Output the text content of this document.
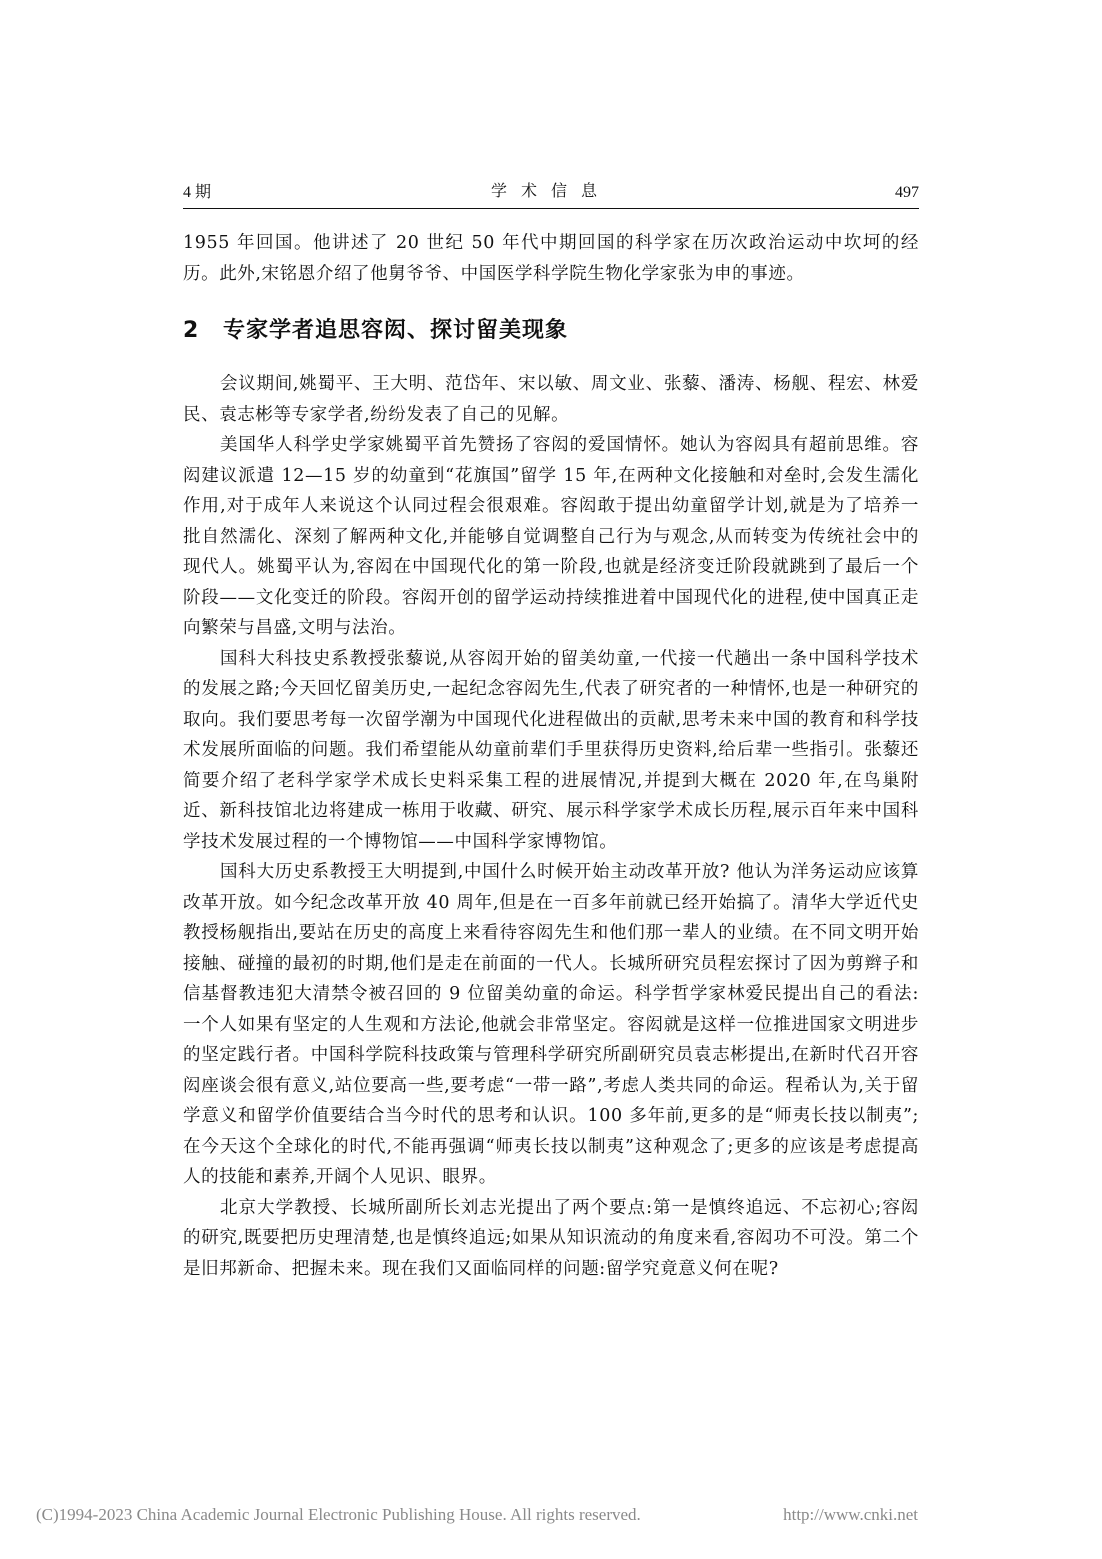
4 期	学术信息	497

1955 年回国。他讲述了 20 世纪 50 年代中期回国的科学家在历次政治运动中坎坷的经历。此外,宋铭恩介绍了他舅爷爷、中国医学科学院生物化学家张为申的事迹。

2 专家学者追思容闳、探讨留美现象

会议期间,姚蜀平、王大明、范岱年、宋以敏、周文业、张藜、潘涛、杨舰、程宏、林爱民、袁志彬等专家学者,纷纷发表了自己的见解。

美国华人科学史学家姚蜀平首先赞扬了容闳的爱国情怀。她认为容闳具有超前思维。容闳建议派遣 12—15 岁的幼童到“花旗国”留学 15 年,在两种文化接触和对垒时,会发生濡化作用,对于成年人来说这个认同过程会很艰难。容闳敢于提出幼童留学计划,就是为了培养一批自然濡化、深刻了解两种文化,并能够自觉调整自己行为与观念,从而转变为传统社会中的现代人。姚蜀平认为,容闳在中国现代化的第一阶段,也就是经济变迁阶段就跳到了最后一个阶段——文化变迁的阶段。容闳开创的留学运动持续推进着中国现代化的进程,使中国真正走向繁荣与昌盛,文明与法治。

国科大科技史系教授张藜说,从容闳开始的留美幼童,一代接一代趟出一条中国科学技术的发展之路;今天回忆留美历史,一起纪念容闳先生,代表了研究者的一种情怀,也是一种研究的取向。我们要思考每一次留学潮为中国现代化进程做出的贡献,思考未来中国的教育和科学技术发展所面临的问题。我们希望能从幼童前辈们手里获得历史资料,给后辈一些指引。张藜还简要介绍了老科学家学术成长史料采集工程的进展情况,并提到大概在 2020 年,在鸟巢附近、新科技馆北边将建成一栋用于收藏、研究、展示科学家学术成长历程,展示百年来中国科学技术发展过程的一个博物馆——中国科学家博物馆。

国科大历史系教授王大明提到,中国什么时候开始主动改革开放? 他认为洋务运动应该算改革开放。如今纪念改革开放 40 周年,但是在一百多年前就已经开始搞了。清华大学近代史教授杨舰指出,要站在历史的高度上来看待容闳先生和他们那一辈人的业绩。在不同文明开始接触、碰撞的最初的时期,他们是走在前面的一代人。长城所研究员程宏探讨了因为剪辫子和信基督教违犯大清禁令被召回的 9 位留美幼童的命运。科学哲学家林爱民提出自己的看法:一个人如果有坚定的人生观和方法论,他就会非常坚定。容闳就是这样一位推进国家文明进步的坚定践行者。中国科学院科技政策与管理科学研究所副研究员袁志彬提出,在新时代召开容闳座谈会很有意义,站位要高一些,要考虑“一带一路”,考虑人类共同的命运。程希认为,关于留学意义和留学价值要结合当今时代的思考和认识。100 多年前,更多的是“师夷长技以制夷”;在今天这个全球化的时代,不能再强调“师夷长技以制夷”这种观念了;更多的应该是考虑提高人的技能和素养,开阔个人见识、眼界。

北京大学教授、长城所副所长刘志光提出了两个要点:第一是慎终追远、不忘初心;容闳的研究,既要把历史理清楚,也是慎终追远;如果从知识流动的角度来看,容闳功不可没。第二个是旧邦新命、把握未来。现在我们又面临同样的问题:留学究竟意义何在呢?

(C)1994-2023 China Academic Journal Electronic Publishing House. All rights reserved.	http://www.cnki.net
